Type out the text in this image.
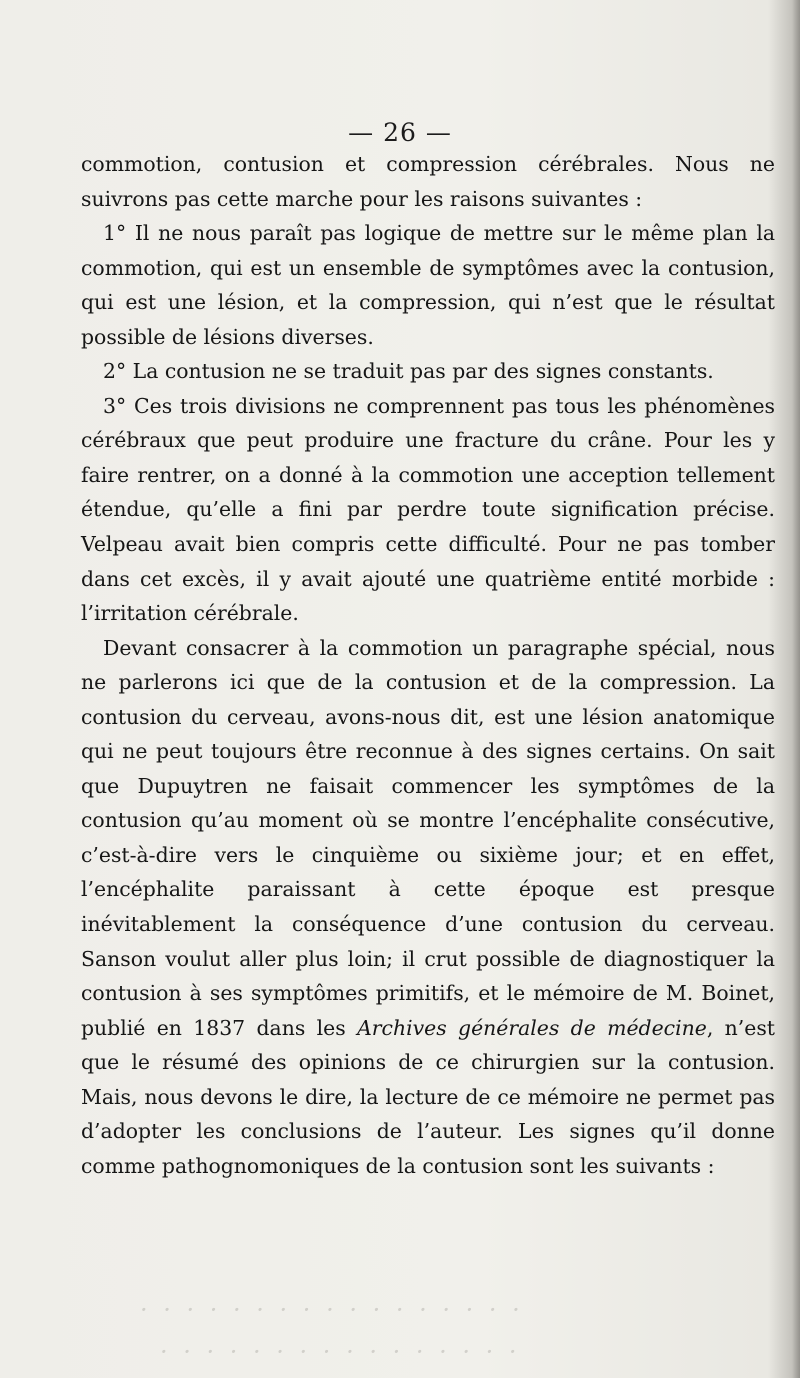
— 26 —

commotion, contusion et compression cérébrales. Nous ne suivrons pas cette marche pour les raisons suivantes :

1° Il ne nous paraît pas logique de mettre sur le même plan la commotion, qui est un ensemble de symptômes avec la contusion, qui est une lésion, et la compression, qui n’est que le résultat possible de lésions diverses.

2° La contusion ne se traduit pas par des signes constants.

3° Ces trois divisions ne comprennent pas tous les phénomènes cérébraux que peut produire une fracture du crâne. Pour les y faire rentrer, on a donné à la commotion une acception tellement étendue, qu’elle a fini par perdre toute signification précise. Velpeau avait bien compris cette difficulté. Pour ne pas tomber dans cet excès, il y avait ajouté une quatrième entité morbide : l’irritation cérébrale.

Devant consacrer à la commotion un paragraphe spécial, nous ne parlerons ici que de la contusion et de la compression. La contusion du cerveau, avons-nous dit, est une lésion anatomique qui ne peut toujours être reconnue à des signes certains. On sait que Dupuytren ne faisait commencer les symptômes de la contusion qu’au moment où se montre l’encéphalite consécutive, c’est-à-dire vers le cinquième ou sixième jour; et en effet, l’encéphalite paraissant à cette époque est presque inévitablement la conséquence d’une contusion du cerveau. Sanson voulut aller plus loin; il crut possible de diagnostiquer la contusion à ses symptômes primitifs, et le mémoire de M. Boinet, publié en 1837 dans les Archives générales de médecine, n’est que le résumé des opinions de ce chirurgien sur la contusion. Mais, nous devons le dire, la lecture de ce mémoire ne permet pas d’adopter les conclusions de l’auteur. Les signes qu’il donne comme pathognomoniques de la contusion sont les suivants :

· · · · · · · · · · · · · · · · ·
· · · · · · · · · · · · · · · ·
